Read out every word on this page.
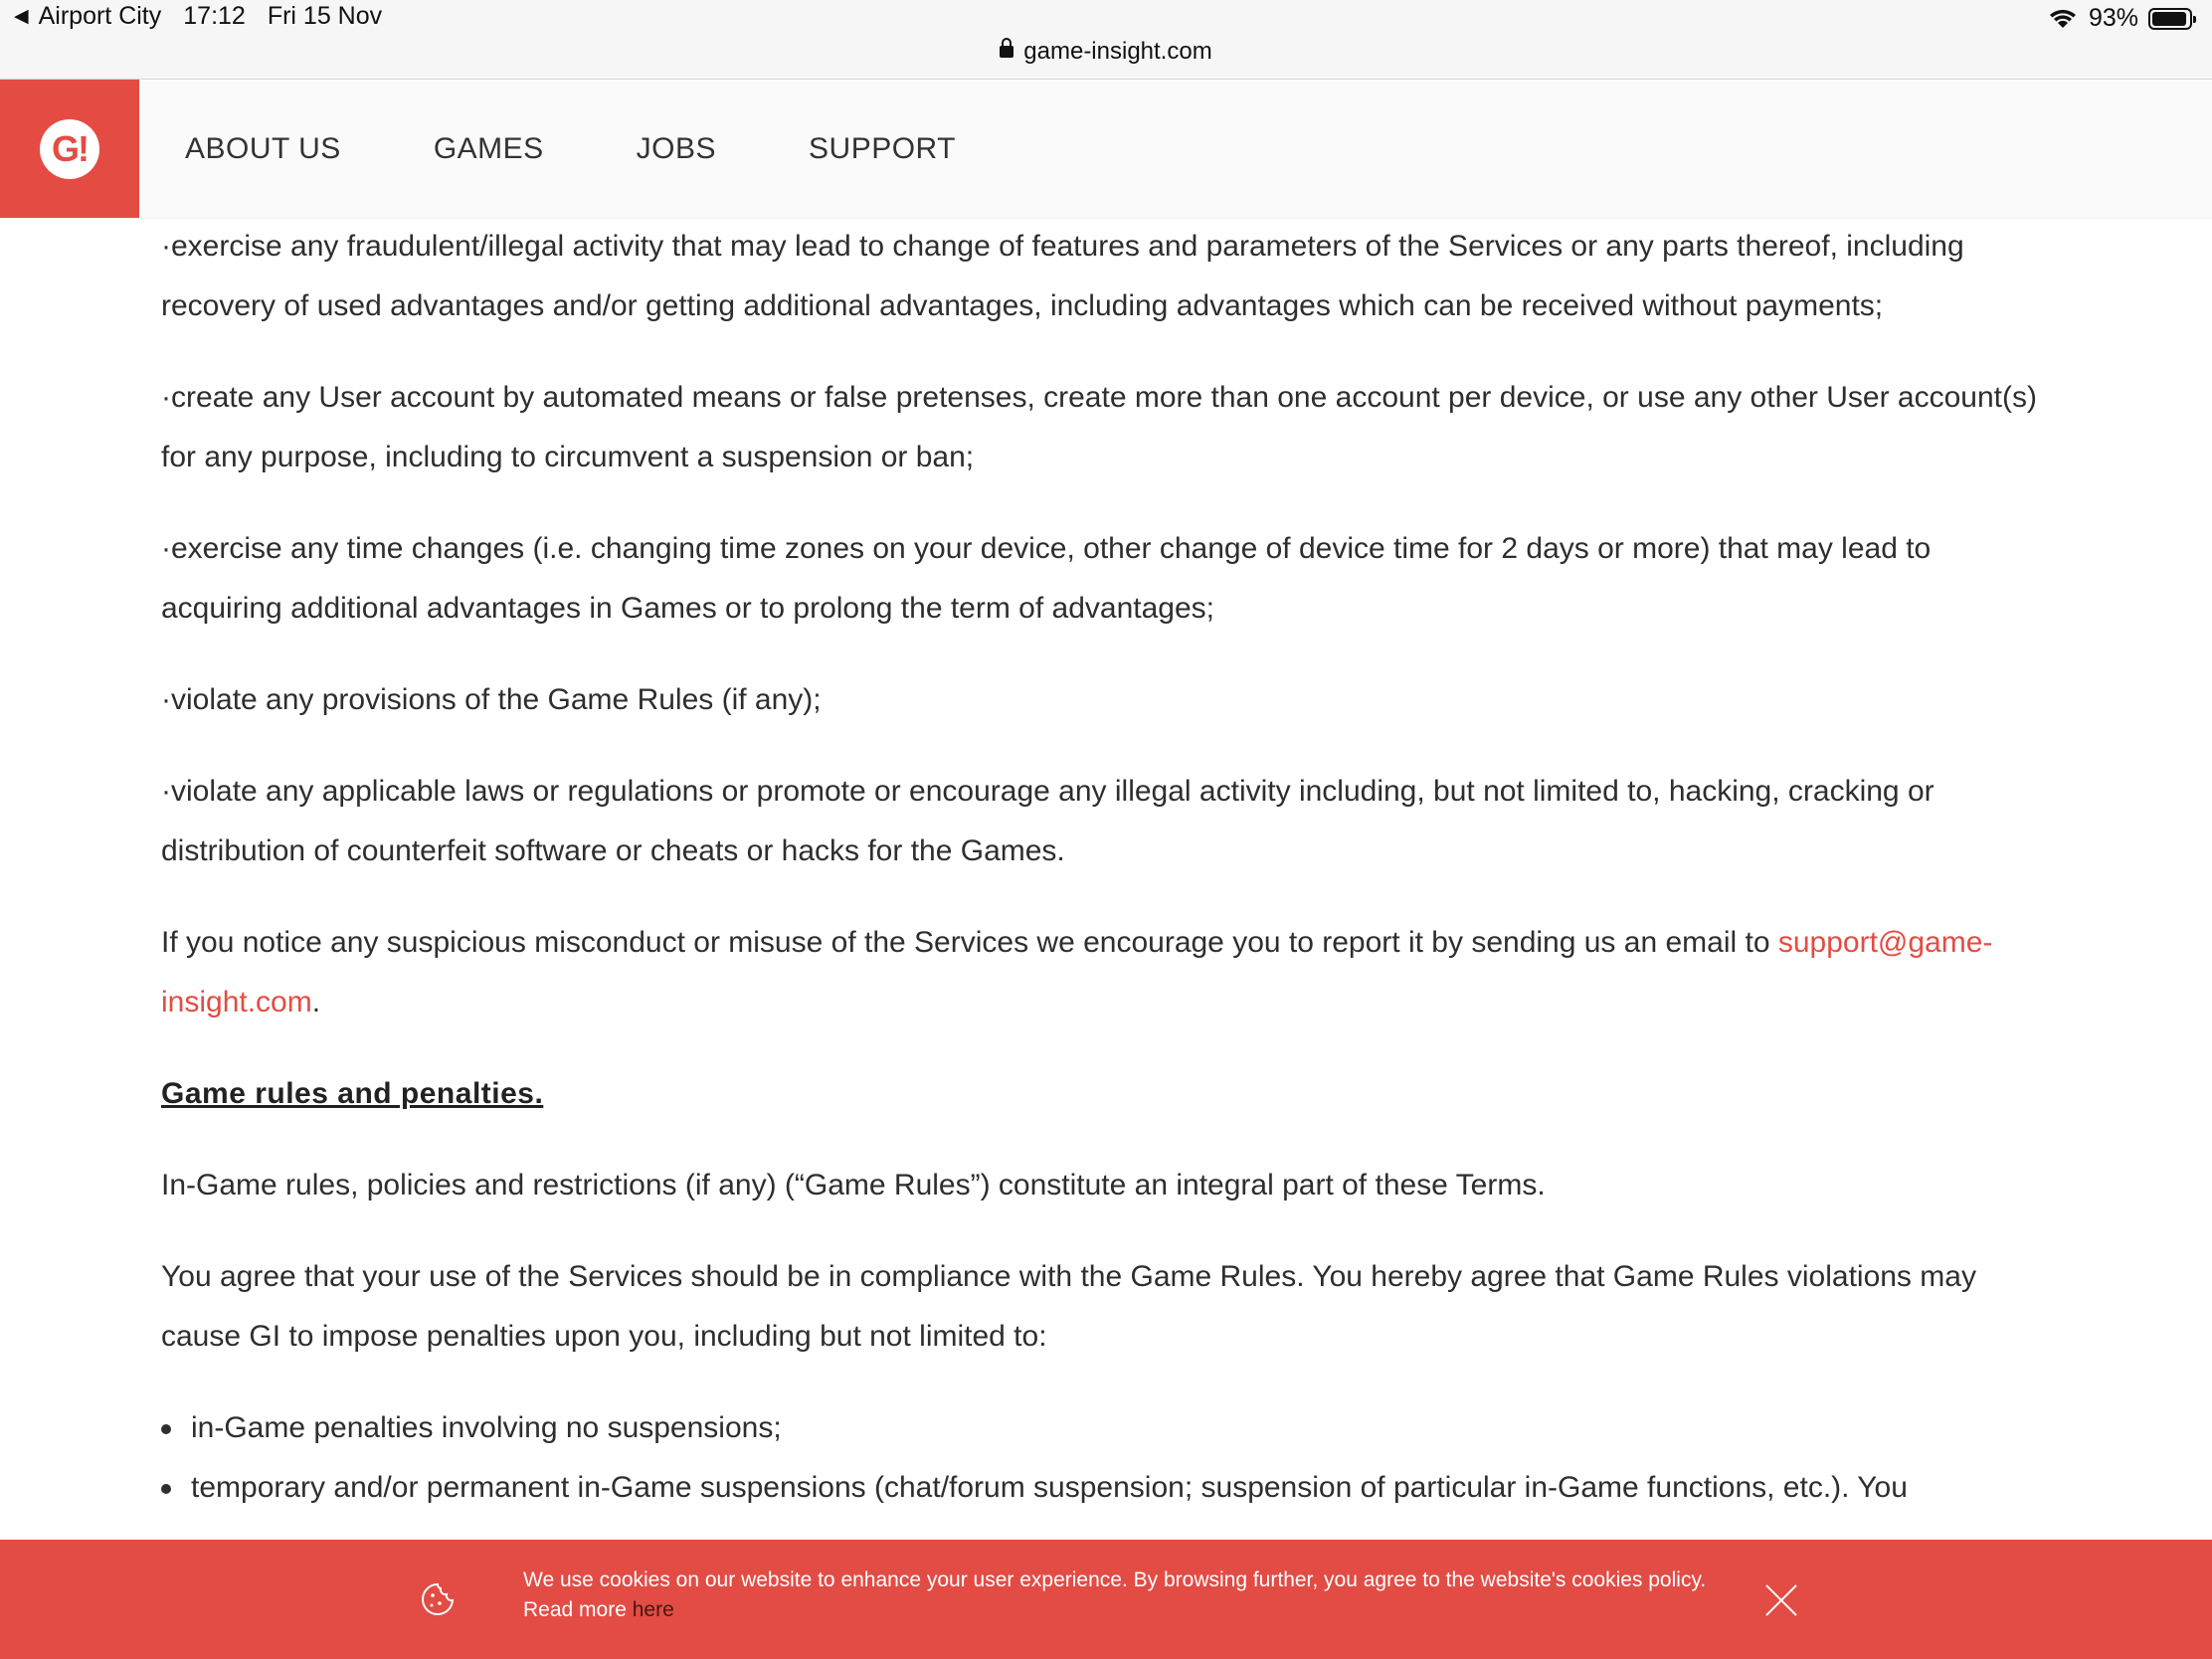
◀ Airport City 17:12 Fri 15 Nov
game-insight.com
93%
G!	ABOUT US	GAMES	JOBS	SUPPORT

·exercise any fraudulent/illegal activity that may lead to change of features and parameters of the Services or any parts thereof, including recovery of used advantages and/or getting additional advantages, including advantages which can be received without payments;

·create any User account by automated means or false pretenses, create more than one account per device, or use any other User account(s) for any purpose, including to circumvent a suspension or ban;

·exercise any time changes (i.e. changing time zones on your device, other change of device time for 2 days or more) that may lead to acquiring additional advantages in Games or to prolong the term of advantages;

·violate any provisions of the Game Rules (if any);

·violate any applicable laws or regulations or promote or encourage any illegal activity including, but not limited to, hacking, cracking or distribution of counterfeit software or cheats or hacks for the Games.

If you notice any suspicious misconduct or misuse of the Services we encourage you to report it by sending us an email to support@game-insight.com.

Game rules and penalties.

In-Game rules, policies and restrictions (if any) (“Game Rules”) constitute an integral part of these Terms.

You agree that your use of the Services should be in compliance with the Game Rules. You hereby agree that Game Rules violations may cause GI to impose penalties upon you, including but not limited to:

in-Game penalties involving no suspensions;
temporary and/or permanent in-Game suspensions (chat/forum suspension; suspension of particular in-Game functions, etc.). You
We use cookies on our website to enhance your user experience. By browsing further, you agree to the website's cookies policy. Read more here
